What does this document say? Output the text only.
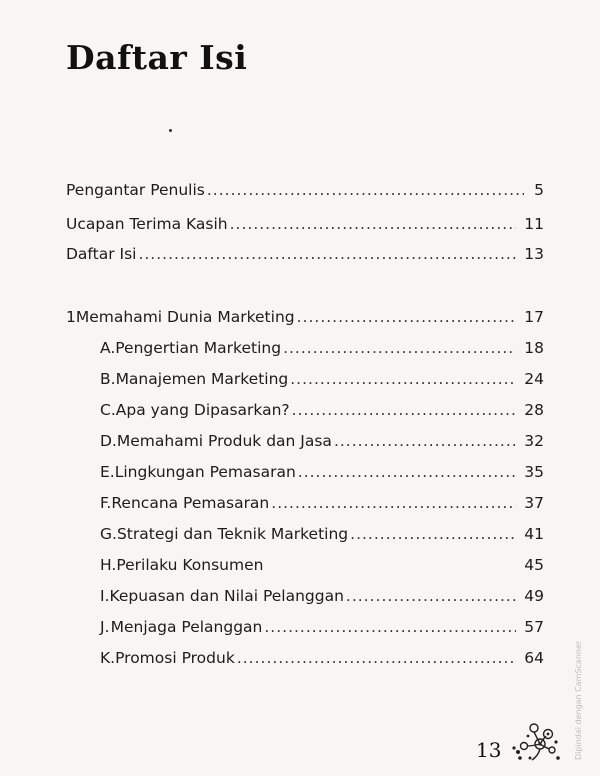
Daftar Isi
Pengantar Penulis .....	5
Ucapan Terima Kasih .....	11
Daftar Isi .....	13
1 Memahami Dunia Marketing .....	17
A. Pengertian Marketing .....	18
B. Manajemen Marketing .....	24
C. Apa yang Dipasarkan? .....	28
D. Memahami Produk dan Jasa .....	32
E. Lingkungan Pemasaran .....	35
F. Rencana Pemasaran .....	37
G. Strategi dan Teknik Marketing .....	41
H. Perilaku Konsumen	45
I. Kepuasan dan Nilai Pelanggan .....	49
J. Menjaga Pelanggan .....	57
K. Promosi Produk .....	64
13	Dipindai dengan CamScanner
